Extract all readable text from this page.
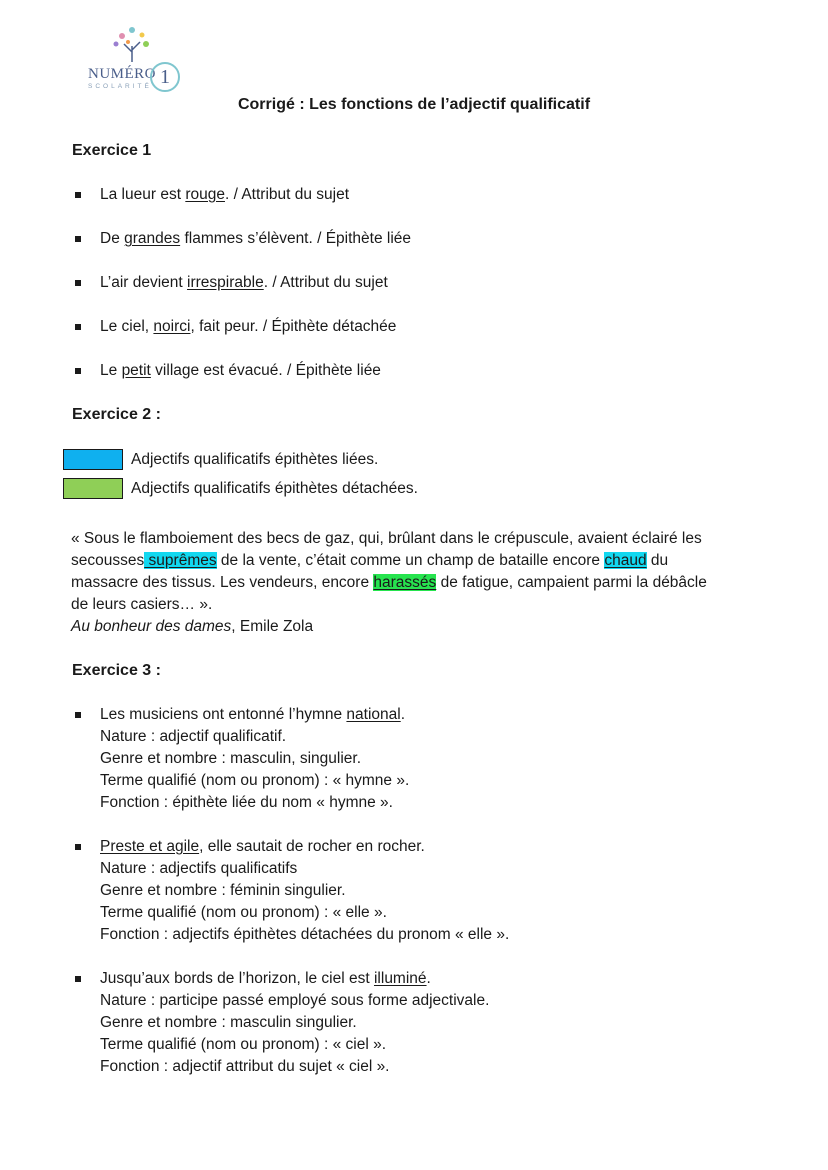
NUMÉRO 1
SCOLARITÉ
Corrigé : Les fonctions de l’adjectif qualificatif
Exercice 1
La lueur est rouge. / Attribut du sujet
De grandes flammes s’élèvent. / Épithète liée
L’air devient irrespirable. / Attribut du sujet
Le ciel, noirci, fait peur. / Épithète détachée
Le petit village est évacué. / Épithète liée
Exercice 2 :
Adjectifs qualificatifs épithètes liées.
Adjectifs qualificatifs épithètes détachées.
« Sous le flamboiement des becs de gaz, qui, brûlant dans le crépuscule, avaient éclairé les
secousses suprêmes de la vente, c’était comme un champ de bataille encore chaud du
massacre des tissus. Les vendeurs, encore harassés de fatigue, campaient parmi la débâcle
de leurs casiers… ».
Au bonheur des dames, Emile Zola
Exercice 3 :
Les musiciens ont entonné l’hymne national.
Nature : adjectif qualificatif.
Genre et nombre : masculin, singulier.
Terme qualifié (nom ou pronom) : « hymne ».
Fonction : épithète liée du nom « hymne ».
Preste et agile, elle sautait de rocher en rocher.
Nature : adjectifs qualificatifs
Genre et nombre : féminin singulier.
Terme qualifié (nom ou pronom) : « elle ».
Fonction : adjectifs épithètes détachées du pronom « elle ».
Jusqu’aux bords de l’horizon, le ciel est illuminé.
Nature : participe passé employé sous forme adjectivale.
Genre et nombre : masculin singulier.
Terme qualifié (nom ou pronom) : « ciel ».
Fonction : adjectif attribut du sujet « ciel ».
